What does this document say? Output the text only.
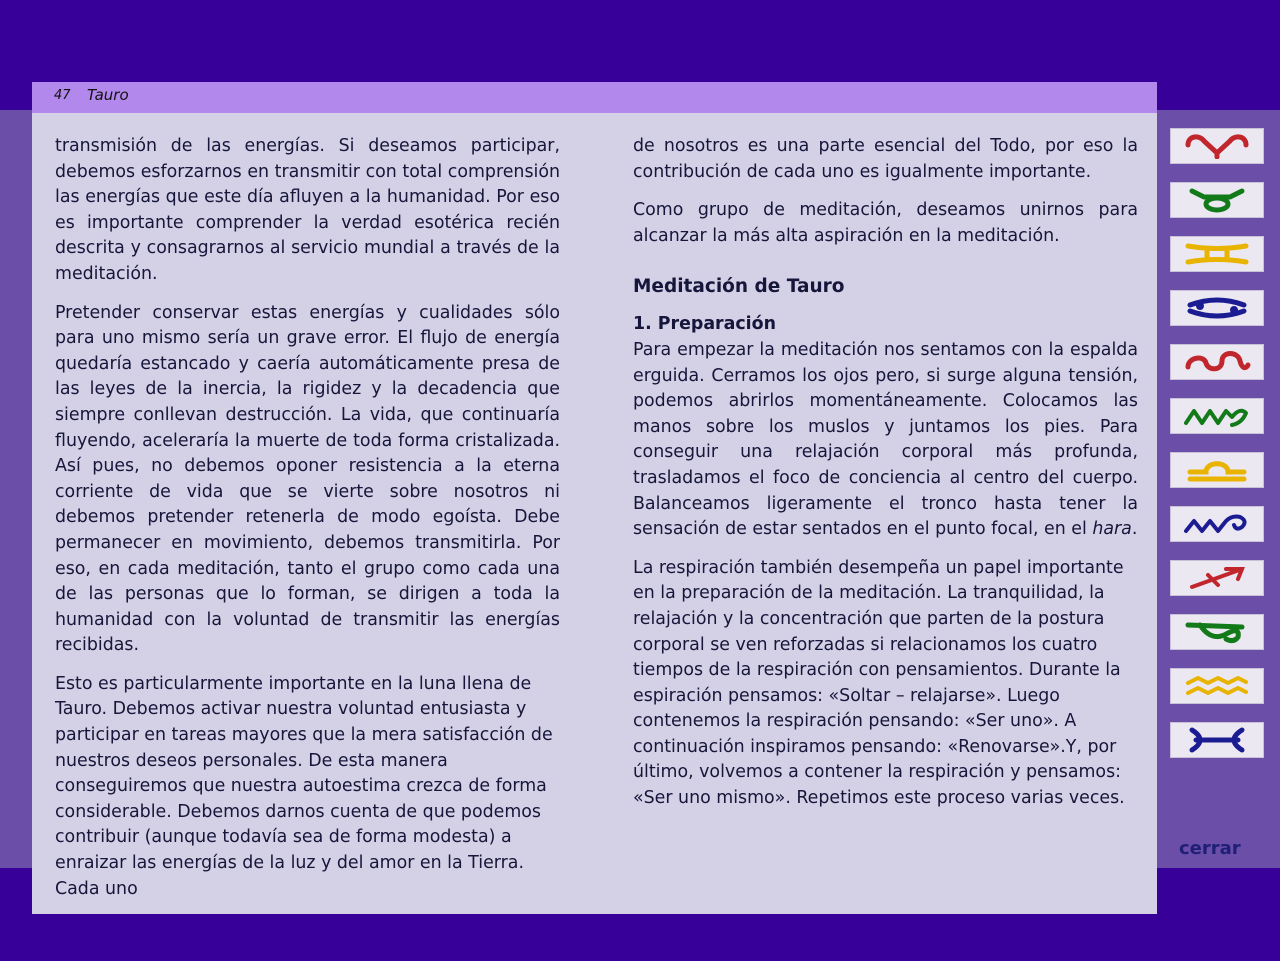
47 Tauro

transmisión de las energías. Si deseamos participar, debemos esforzarnos en transmitir con total comprensión las energías que este día afluyen a la humanidad. Por eso es importante comprender la verdad esotérica recién descrita y consagrarnos al servicio mundial a través de la meditación.

Pretender conservar estas energías y cualidades sólo para uno mismo sería un grave error. El flujo de energía quedaría estancado y caería automáticamente presa de las leyes de la inercia, la rigidez y la decadencia que siempre conllevan destrucción. La vida, que continuaría fluyendo, aceleraría la muerte de toda forma cristalizada. Así pues, no debemos oponer resistencia a la eterna corriente de vida que se vierte sobre nosotros ni debemos pretender retenerla de modo egoísta. Debe permanecer en movimiento, debemos transmitirla. Por eso, en cada meditación, tanto el grupo como cada una de las personas que lo forman, se dirigen a toda la humanidad con la voluntad de transmitir las energías recibidas.

Esto es particularmente importante en la luna llena de Tauro. Debemos activar nuestra voluntad entusiasta y participar en tareas mayores que la mera satisfacción de nuestros deseos personales. De esta manera conseguiremos que nuestra autoestima crezca de forma considerable. Debemos darnos cuenta de que podemos contribuir (aunque todavía sea de forma modesta) a enraizar las energías de la luz y del amor en la Tierra. Cada uno

de nosotros es una parte esencial del Todo, por eso la contribución de cada uno es igualmente importante.

Como grupo de meditación, deseamos unirnos para alcanzar la más alta aspiración en la meditación.

Meditación de Tauro
1. Preparación

Para empezar la meditación nos sentamos con la espalda erguida. Cerramos los ojos pero, si surge alguna tensión, podemos abrirlos momentáneamente. Colocamos las manos sobre los muslos y juntamos los pies. Para conseguir una relajación corporal más profunda, trasladamos el foco de conciencia al centro del cuerpo. Balanceamos ligeramente el tronco hasta tener la sensación de estar sentados en el punto focal, en el hara.

La respiración también desempeña un papel importante en la preparación de la meditación. La tranquilidad, la relajación y la concentración que parten de la postura corporal se ven reforzadas si relacionamos los cuatro tiempos de la respiración con pensamientos. Durante la espiración pensamos: «Soltar – relajarse». Luego contenemos la respiración pensando: «Ser uno». A continuación inspiramos pensando: «Renovarse».Y, por último, volvemos a contener la respiración y pensamos: «Ser uno mismo». Repetimos este proceso varias veces.

cerrar
